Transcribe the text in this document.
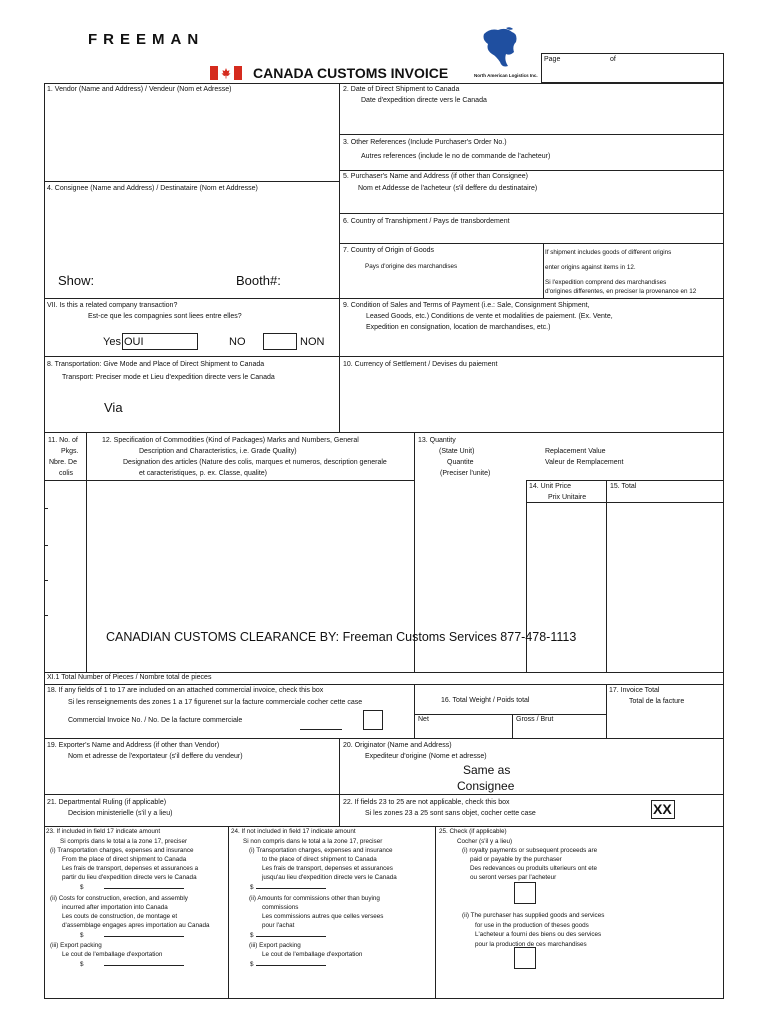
FREEMAN
CANADA CUSTOMS INVOICE	North American Logistics Inc.
Page	of
1. Vendor (Name and Address) / Vendeur (Nom et Adresse)	2. Date of Direct Shipment to Canada
Date d'expedition directe vers le Canada
3. Other References (Include Purchaser's Order No.)
Autres references (include le no de commande de l'acheteur)
5. Purchaser's Name and Address (if other than Consignee)
Nom et Addesse de l'acheteur (s'il deffere du destinataire)
4. Consignee (Name and Address) / Destinataire (Nom et Addresse)
Show:	Booth#:
6. Country of Transhipment / Pays de transbordement
7. Country of Origin of Goods
Pays d'origine des marchandises
If shipment includes goods of different origins
enter origins against items in 12.
Si l'expedition comprend des marchandises
d'origines differentes, en preciser la provenance en 12
VII. Is this a related company transaction?
Est-ce que les compagnies sont liees entre elles?
Yes OUI	NO	NON
9. Condition of Sales and Terms of Payment (i.e.: Sale, Consignment Shipment,
Leased Goods, etc.) Conditions de vente et modalities de paiement. (Ex. Vente,
Expedition en consignation, location de marchandises, etc.)
8. Transportation: Give Mode and Place of Direct Shipment to Canada
Transport: Preciser mode et Lieu d'expedition directe vers le Canada
Via
10. Currency of Settlement / Devises du paiement
11. No. of
Pkgs.
Nbre. De
colis
12. Specification of Commodities (Kind of Packages) Marks and Numbers, General
Description and Characteristics, i.e. Grade Quality)
Designation des articles (Nature des colis, marques et numeros, description generale
et caracteristiques, p. ex. Classe, qualite)
13. Quantity
(State Unit)
Quantite
(Preciser l'unite)
Replacement Value
Valeur de Remplacement
14. Unit Price
Prix Unitaire
15. Total
CANADIAN CUSTOMS CLEARANCE BY: Freeman Customs Services 877-478-1113
XI.1 Total Number of Pieces / Nombre total de pieces
18. If any fields of 1 to 17 are included on an attached commercial invoice, check this box
Si les renseignements des zones 1 a 17 figurenet sur la facture commerciale cocher cette case
Commercial Invoice No. / No. De la facture commerciale
16. Total Weight / Poids total
Net	Gross / Brut
17. Invoice Total
Total de la facture
19. Exporter's Name and Address (if other than Vendor)
Nom et adresse de l'exportateur (s'il deffere du vendeur)
20. Originator (Name and Address)
Expediteur d'origine (Nome et adresse)
Same as
Consignee
21. Departmental Ruling (if applicable)
Decision ministerielle (s'il y a lieu)
22. If fields 23 to 25 are not applicable, check this box
Si les zones 23 a 25 sont sans objet, cocher cette case	XX
23. If included in field 17 indicate amount
Si compris dans le total a la zone 17, preciser
(i) Transportation charges, expenses and insurance
From the place of direct shipment to Canada
Les frais de transport, depenses et assurances a
partir du lieu d'expedition directe vers le Canada
$
(ii) Costs for construction, erection, and assembly
incurred after importation into Canada
Les couts de construction, de montage et
d'assemblage engages apres importation au Canada
$
(iii) Export packing
Le cout de l'emballage d'exportation
$
24. If not included in field 17 indicate amount
Si non compris dans le total a la zone 17, preciser
(i) Transportation charges, expenses and insurance
to the place of direct shipment to Canada
Les frais de transport, depenses et assurances
jusqu'au lieu d'expedition directe vers le Canada
$
(ii) Amounts for commissions other than buying
commissions
Les commissions autres que celles versees
pour l'achat
$
(iii) Export packing
Le cout de l'emballage d'exportation
$
25. Check (if applicable)
Cocher (s'il y a lieu)
(i) royalty payments or subsequent proceeds are
paid or payable by the purchaser
Des redevances ou produits ulterieurs ont ete
ou seront verses par l'acheteur
(ii) The purchaser has supplied goods and services
for use in the production of theses goods
L'acheteur a fourni des biens ou des services
pour la production de ces marchandises
